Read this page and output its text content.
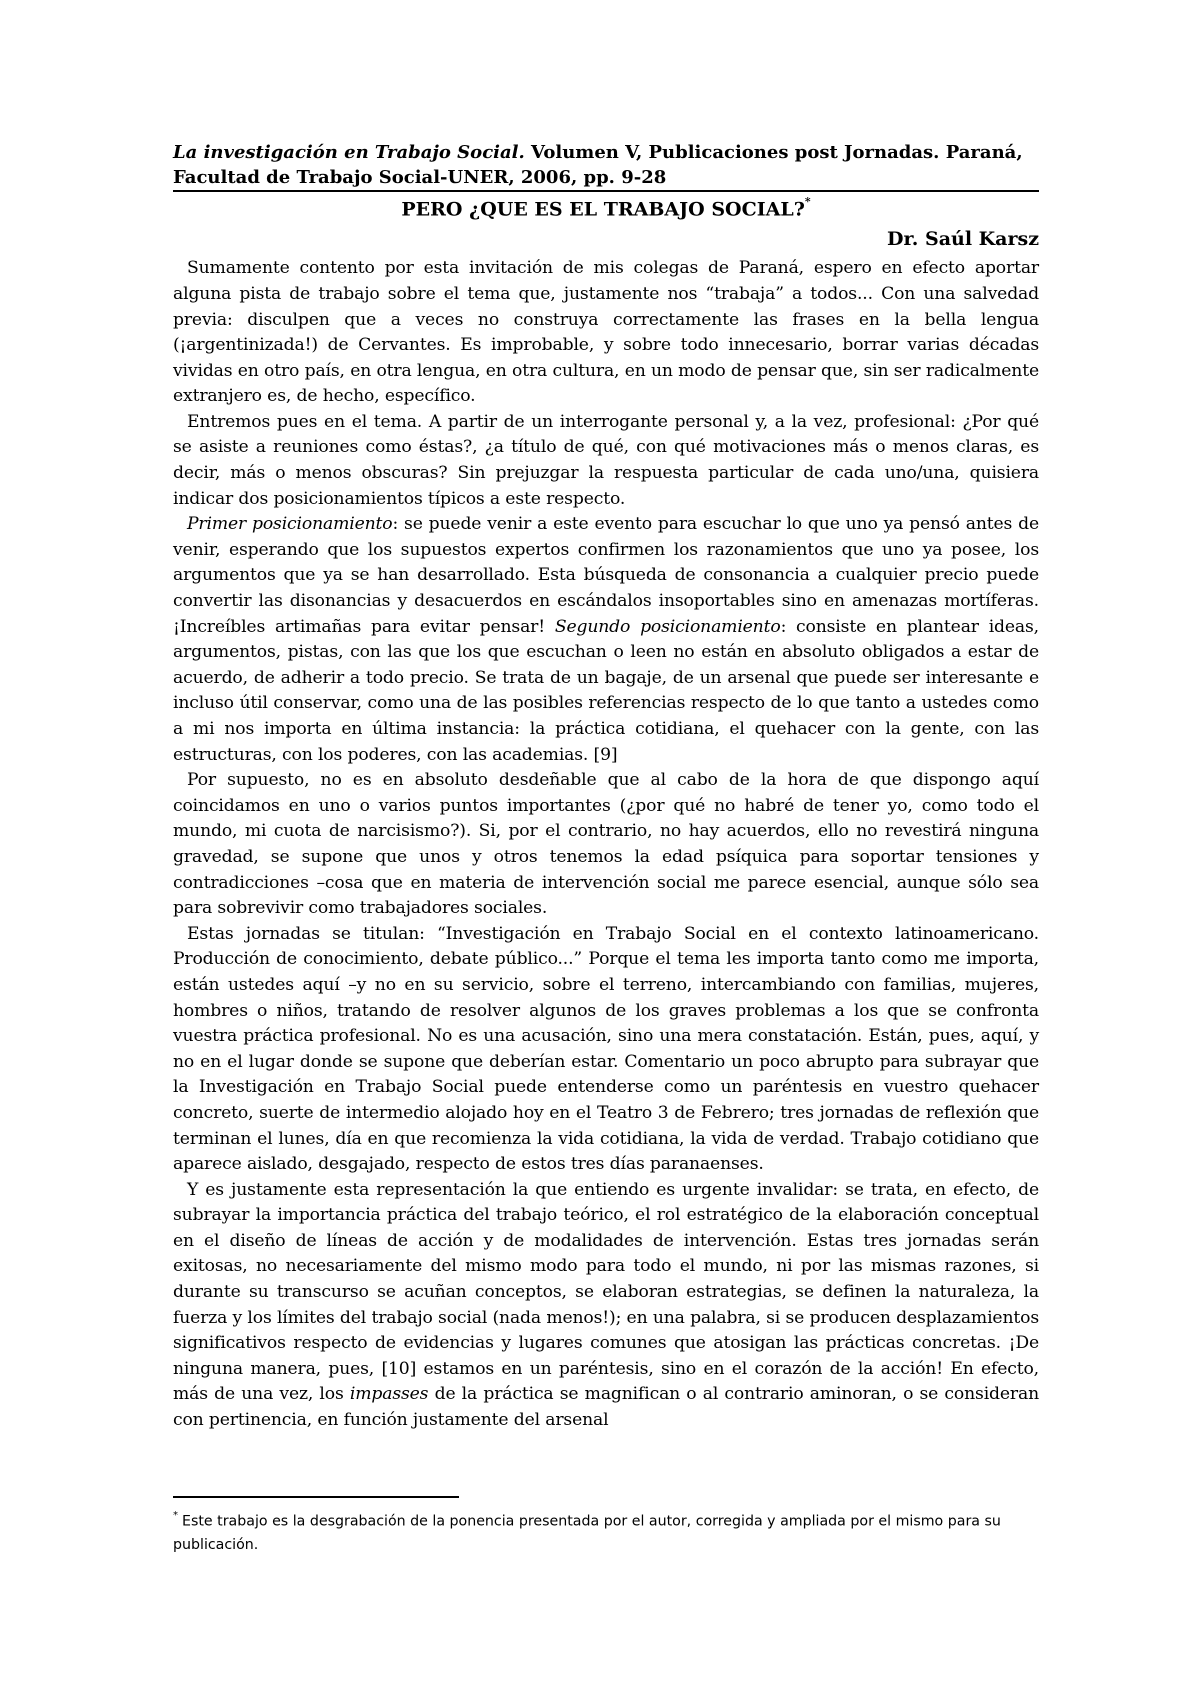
La investigación en Trabajo Social. Volumen V, Publicaciones post Jornadas. Paraná, Facultad de Trabajo Social-UNER, 2006, pp. 9-28
PERO ¿QUE ES EL TRABAJO SOCIAL?*
Dr. Saúl Karsz

Sumamente contento por esta invitación de mis colegas de Paraná, espero en efecto aportar alguna pista de trabajo sobre el tema que, justamente nos “trabaja” a todos... Con una salvedad previa: disculpen que a veces no construya correctamente las frases en la bella lengua (¡argentinizada!) de Cervantes. Es improbable, y sobre todo innecesario, borrar varias décadas vividas en otro país, en otra lengua, en otra cultura, en un modo de pensar que, sin ser radicalmente extranjero es, de hecho, específico.

Entremos pues en el tema. A partir de un interrogante personal y, a la vez, profesional: ¿Por qué se asiste a reuniones como éstas?, ¿a título de qué, con qué motivaciones más o menos claras, es decir, más o menos obscuras? Sin prejuzgar la respuesta particular de cada uno/una, quisiera indicar dos posicionamientos típicos a este respecto.

Primer posicionamiento: se puede venir a este evento para escuchar lo que uno ya pensó antes de venir, esperando que los supuestos expertos confirmen los razonamientos que uno ya posee, los argumentos que ya se han desarrollado. Esta búsqueda de consonancia a cualquier precio puede convertir las disonancias y desacuerdos en escándalos insoportables sino en amenazas mortíferas. ¡Increíbles artimañas para evitar pensar! Segundo posicionamiento: consiste en plantear ideas, argumentos, pistas, con las que los que escuchan o leen no están en absoluto obligados a estar de acuerdo, de adherir a todo precio. Se trata de un bagaje, de un arsenal que puede ser interesante e incluso útil conservar, como una de las posibles referencias respecto de lo que tanto a ustedes como a mi nos importa en última instancia: la práctica cotidiana, el quehacer con la gente, con las estructuras, con los poderes, con las academias. [9]

Por supuesto, no es en absoluto desdeñable que al cabo de la hora de que dispongo aquí coincidamos en uno o varios puntos importantes (¿por qué no habré de tener yo, como todo el mundo, mi cuota de narcisismo?). Si, por el contrario, no hay acuerdos, ello no revestirá ninguna gravedad, se supone que unos y otros tenemos la edad psíquica para soportar tensiones y contradicciones –cosa que en materia de intervención social me parece esencial, aunque sólo sea para sobrevivir como trabajadores sociales.

Estas jornadas se titulan: “Investigación en Trabajo Social en el contexto latinoamericano. Producción de conocimiento, debate público...” Porque el tema les importa tanto como me importa, están ustedes aquí –y no en su servicio, sobre el terreno, intercambiando con familias, mujeres, hombres o niños, tratando de resolver algunos de los graves problemas a los que se confronta vuestra práctica profesional. No es una acusación, sino una mera constatación. Están, pues, aquí, y no en el lugar donde se supone que deberían estar. Comentario un poco abrupto para subrayar que la Investigación en Trabajo Social puede entenderse como un paréntesis en vuestro quehacer concreto, suerte de intermedio alojado hoy en el Teatro 3 de Febrero; tres jornadas de reflexión que terminan el lunes, día en que recomienza la vida cotidiana, la vida de verdad. Trabajo cotidiano que aparece aislado, desgajado, respecto de estos tres días paranaenses.

Y es justamente esta representación la que entiendo es urgente invalidar: se trata, en efecto, de subrayar la importancia práctica del trabajo teórico, el rol estratégico de la elaboración conceptual en el diseño de líneas de acción y de modalidades de intervención. Estas tres jornadas serán exitosas, no necesariamente del mismo modo para todo el mundo, ni por las mismas razones, si durante su transcurso se acuñan conceptos, se elaboran estrategias, se definen la naturaleza, la fuerza y los límites del trabajo social (nada menos!); en una palabra, si se producen desplazamientos significativos respecto de evidencias y lugares comunes que atosigan las prácticas concretas. ¡De ninguna manera, pues, [10] estamos en un paréntesis, sino en el corazón de la acción! En efecto, más de una vez, los impasses de la práctica se magnifican o al contrario aminoran, o se consideran con pertinencia, en función justamente del arsenal

* Este trabajo es la desgrabación de la ponencia presentada por el autor, corregida y ampliada por el mismo para su publicación.
